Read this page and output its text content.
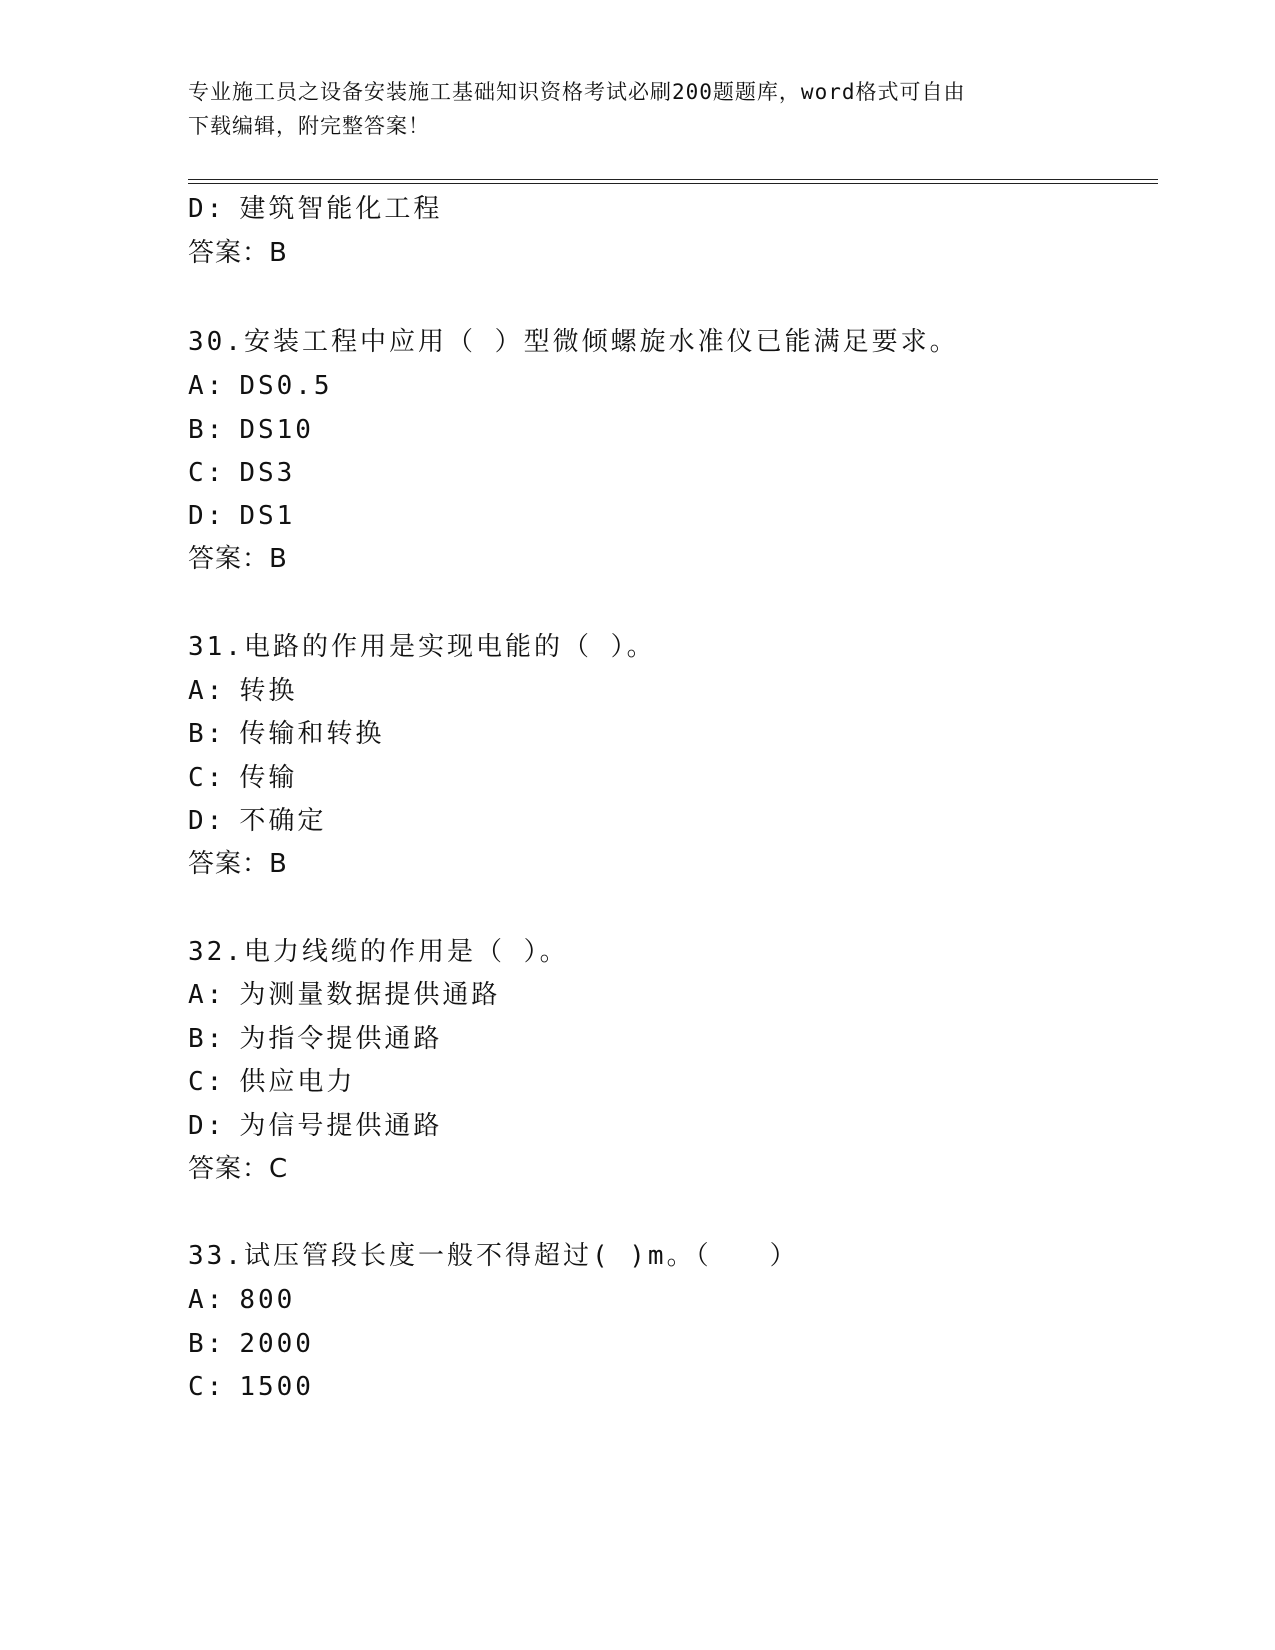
专业施工员之设备安装施工基础知识资格考试必刷200题题库，word格式可自由
下载编辑，附完整答案！
D: 建筑智能化工程
答案：B
30.安装工程中应用（ ）型微倾螺旋水准仪已能满足要求。
A: DS0.5
B: DS10
C: DS3
D: DS1
答案：B
31.电路的作用是实现电能的（ ）。
A: 转换
B: 传输和转换
C: 传输
D: 不确定
答案：B
32.电力线缆的作用是（ ）。
A: 为测量数据提供通路
B: 为指令提供通路
C: 供应电力
D: 为信号提供通路
答案：C
33.试压管段长度一般不得超过( )m。（　　）
A: 800
B: 2000
C: 1500
